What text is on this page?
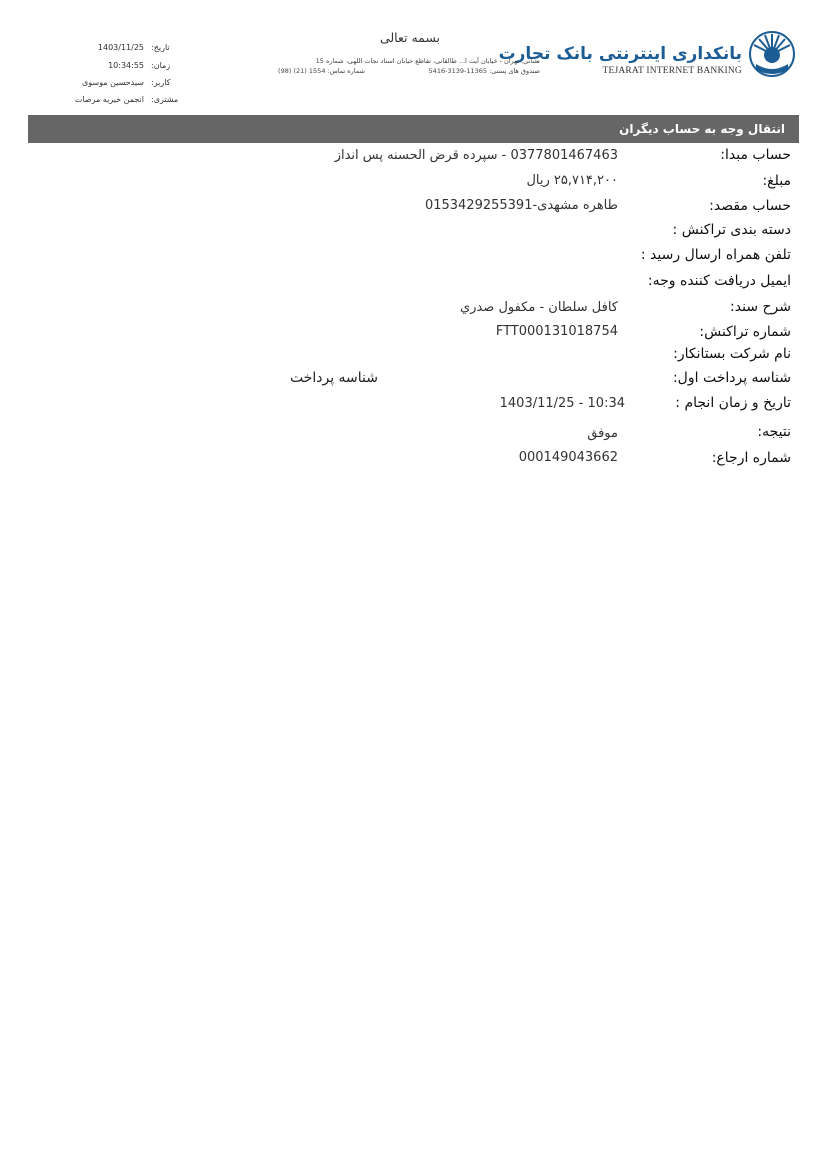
بانکداری اینترنتی بانک تجارت
TEJARAT INTERNET BANKING
بسمه تعالی
نشانی: تهران - خیابان آیت ا... طالقانی، تقاطع خیابان استاد نجات اللهی، شماره 15
صندوق های پستی: 11365-3139-5416
شماره تماس: 1554 (21) (98)
تاریخ:
1403/11/25
زمان:
10:34:55
کاربر:
سیدحسین موسوی
مشتری:
انجمن خیریه مرصات
انتقال وجه به حساب دیگران
حساب مبدا:
0377801467463 - سپرده قرض الحسنه پس انداز
مبلغ:
۲۵,۷۱۴,۲۰۰ ریال
حساب مقصد:
طاهره مشهدی-0153429255391
دسته بندی تراکنش :
تلفن همراه ارسال رسید :
ایمیل دریافت کننده وجه:
شرح سند:
کافل سلطان - مکفول صدري
شماره تراکنش:
FTT000131018754
نام شرکت بستانکار:
شناسه پرداخت اول:
شناسه پرداخت
تاریخ و زمان انجام :
1403/11/25 - 10:34
نتیجه:
موفق
شماره ارجاع:
000149043662
